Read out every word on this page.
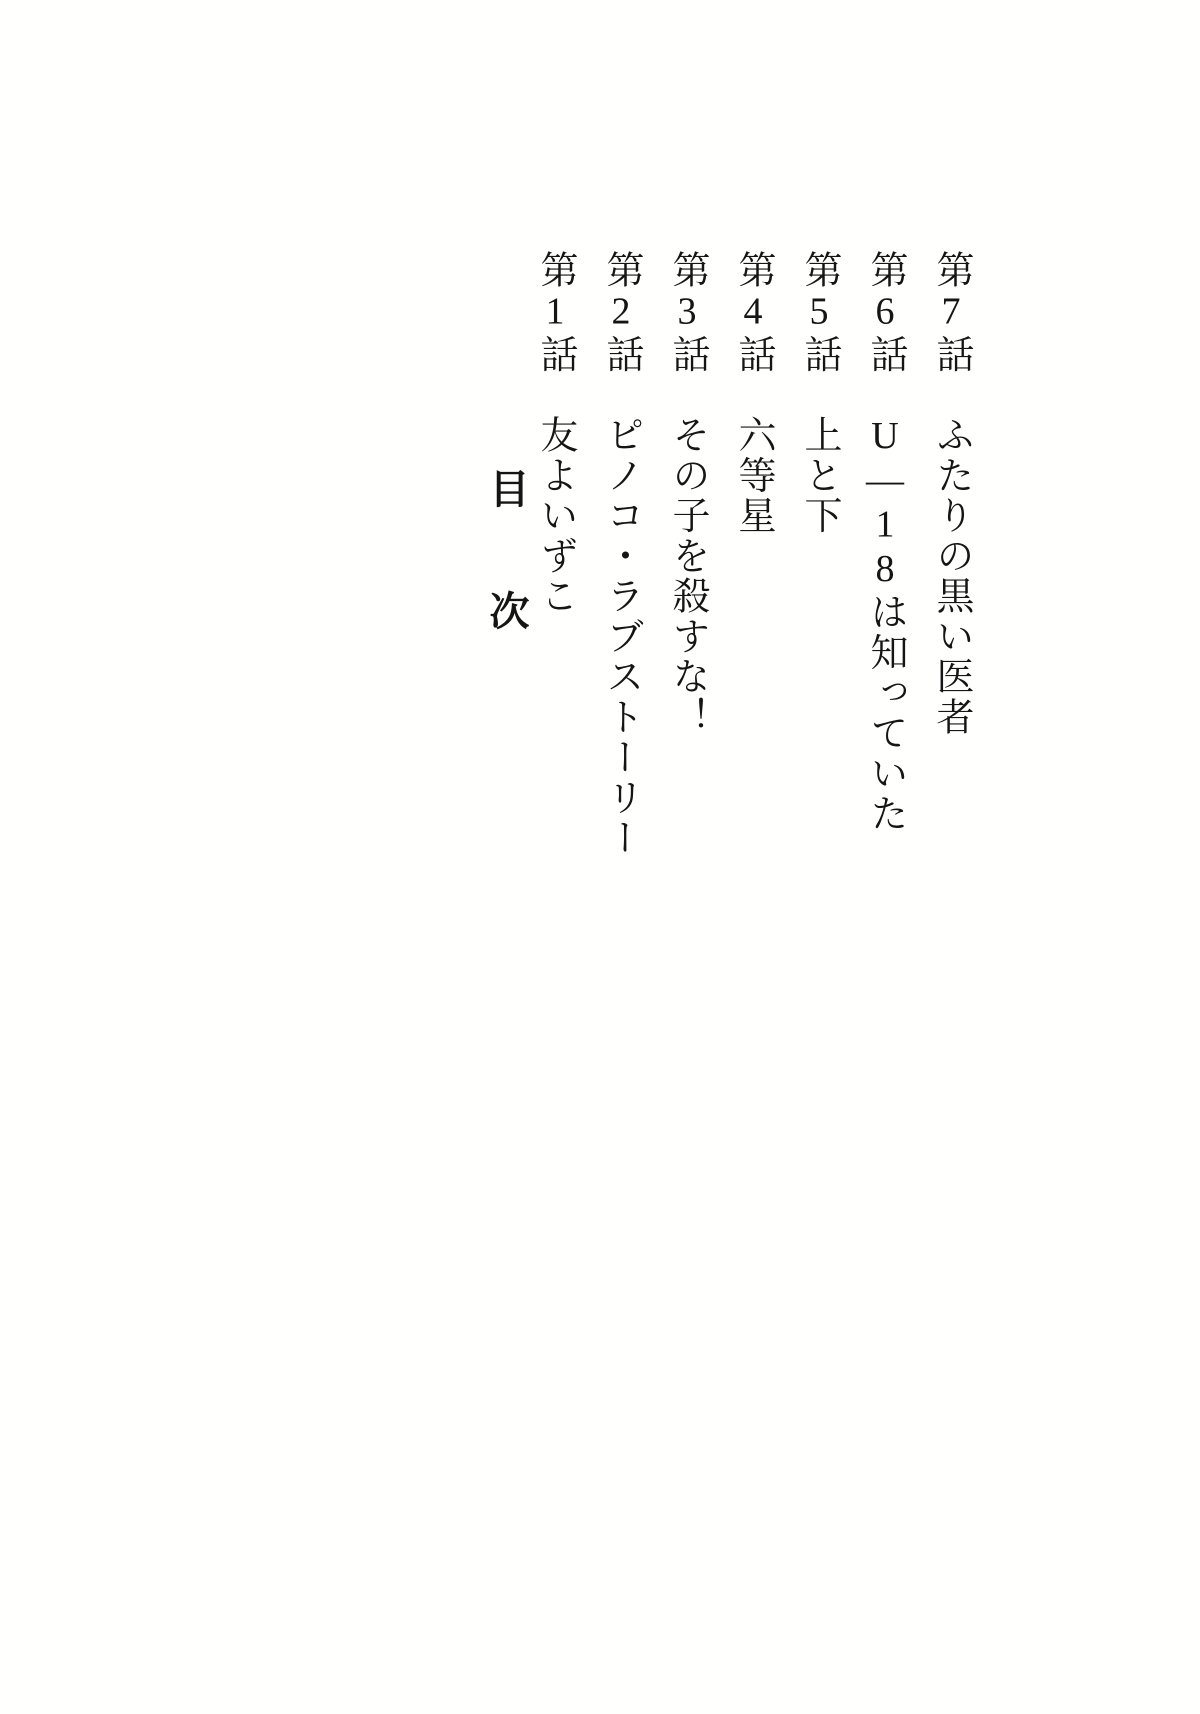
目　次 第1話　友よいずこ 第2話　ピノコ・ラブストーリー 第3話　その子を殺すな！ 第4話　六等星 第5話　上と下 第6話　U—18は知っていた 第7話　ふたりの黒い医者
